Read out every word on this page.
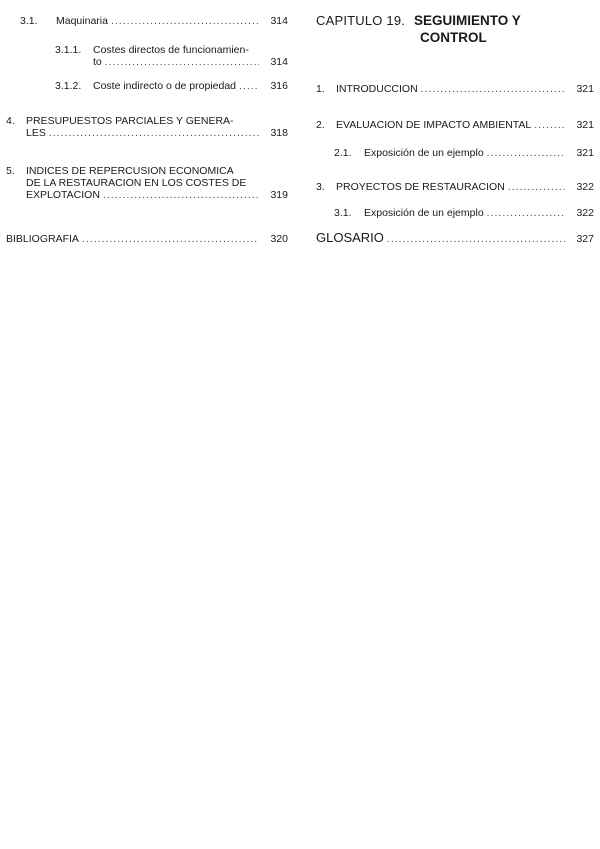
3.1.	Maquinaria .....	314
3.1.1.	Costes directos de funcionamien-
to .....	314
3.1.2.	Coste indirecto o de propiedad .....	316
4.	PRESUPUESTOS PARCIALES Y GENERA-
LES .....	318
5.	INDICES DE REPERCUSION ECONOMICA
DE LA RESTAURACION EN LOS COSTES DE
EXPLOTACION .....	319
BIBLIOGRAFIA .....	320
CAPITULO 19. SEGUIMIENTO Y
CONTROL
1.	INTRODUCCION .....	321
2.	EVALUACION DE IMPACTO AMBIENTAL .....	321
2.1.	Exposición de un ejemplo .....	321
3.	PROYECTOS DE RESTAURACION .....	322
3.1.	Exposición de un ejemplo .....	322
GLOSARIO .....	327
